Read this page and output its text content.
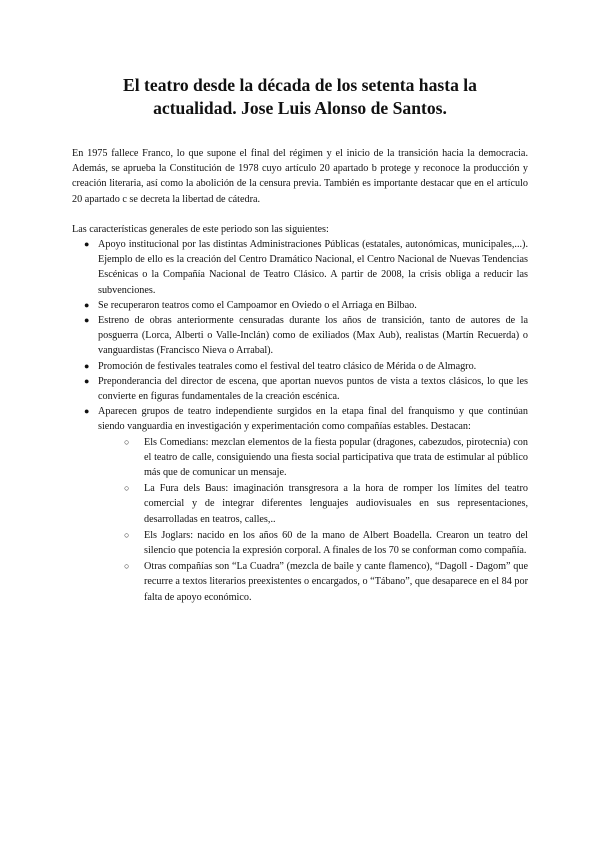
El teatro desde la década de los setenta hasta la actualidad. Jose Luis Alonso de Santos.

En 1975 fallece Franco, lo que supone el final del régimen y el inicio de la transición hacia la democracia. Además, se aprueba la Constitución de 1978 cuyo artículo 20 apartado b protege y reconoce la producción y creación literaria, así como la abolición de la censura previa. También es importante destacar que en el artículo 20 apartado c se decreta la libertad de cátedra.

Las características generales de este periodo son las siguientes:

● Apoyo institucional por las distintas Administraciones Públicas (estatales, autonómicas, municipales,...). Ejemplo de ello es la creación del Centro Dramático Nacional, el Centro Nacional de Nuevas Tendencias Escénicas o la Compañía Nacional de Teatro Clásico. A partir de 2008, la crisis obliga a reducir las subvenciones.
● Se recuperaron teatros como el Campoamor en Oviedo o el Arriaga en Bilbao.
● Estreno de obras anteriormente censuradas durante los años de transición, tanto de autores de la posguerra (Lorca, Alberti o Valle-Inclán) como de exiliados (Max Aub), realistas (Martín Recuerda) o vanguardistas (Francisco Nieva o Arrabal).
● Promoción de festivales teatrales como el festival del teatro clásico de Mérida o de Almagro.
● Preponderancia del director de escena, que aportan nuevos puntos de vista a textos clásicos, lo que les convierte en figuras fundamentales de la creación escénica.
● Aparecen grupos de teatro independiente surgidos en la etapa final del franquismo y que continúan siendo vanguardia en investigación y experimentación como compañías estables. Destacan:
○ Els Comedians: mezclan elementos de la fiesta popular (dragones, cabezudos, pirotecnia) con el teatro de calle, consiguiendo una fiesta social participativa que trata de estimular al público más que de comunicar un mensaje.
○ La Fura dels Baus: imaginación transgresora a la hora de romper los límites del teatro comercial y de integrar diferentes lenguajes audiovisuales en sus representaciones, desarrolladas en teatros, calles,..
○ Els Joglars: nacido en los años 60 de la mano de Albert Boadella. Crearon un teatro del silencio que potencia la expresión corporal. A finales de los 70 se conforman como compañía.
○ Otras compañías son “La Cuadra” (mezcla de baile y cante flamenco), “Dagoll - Dagom” que recurre a textos literarios preexistentes o encargados, o “Tábano”, que desaparece en el 84 por falta de apoyo económico.
